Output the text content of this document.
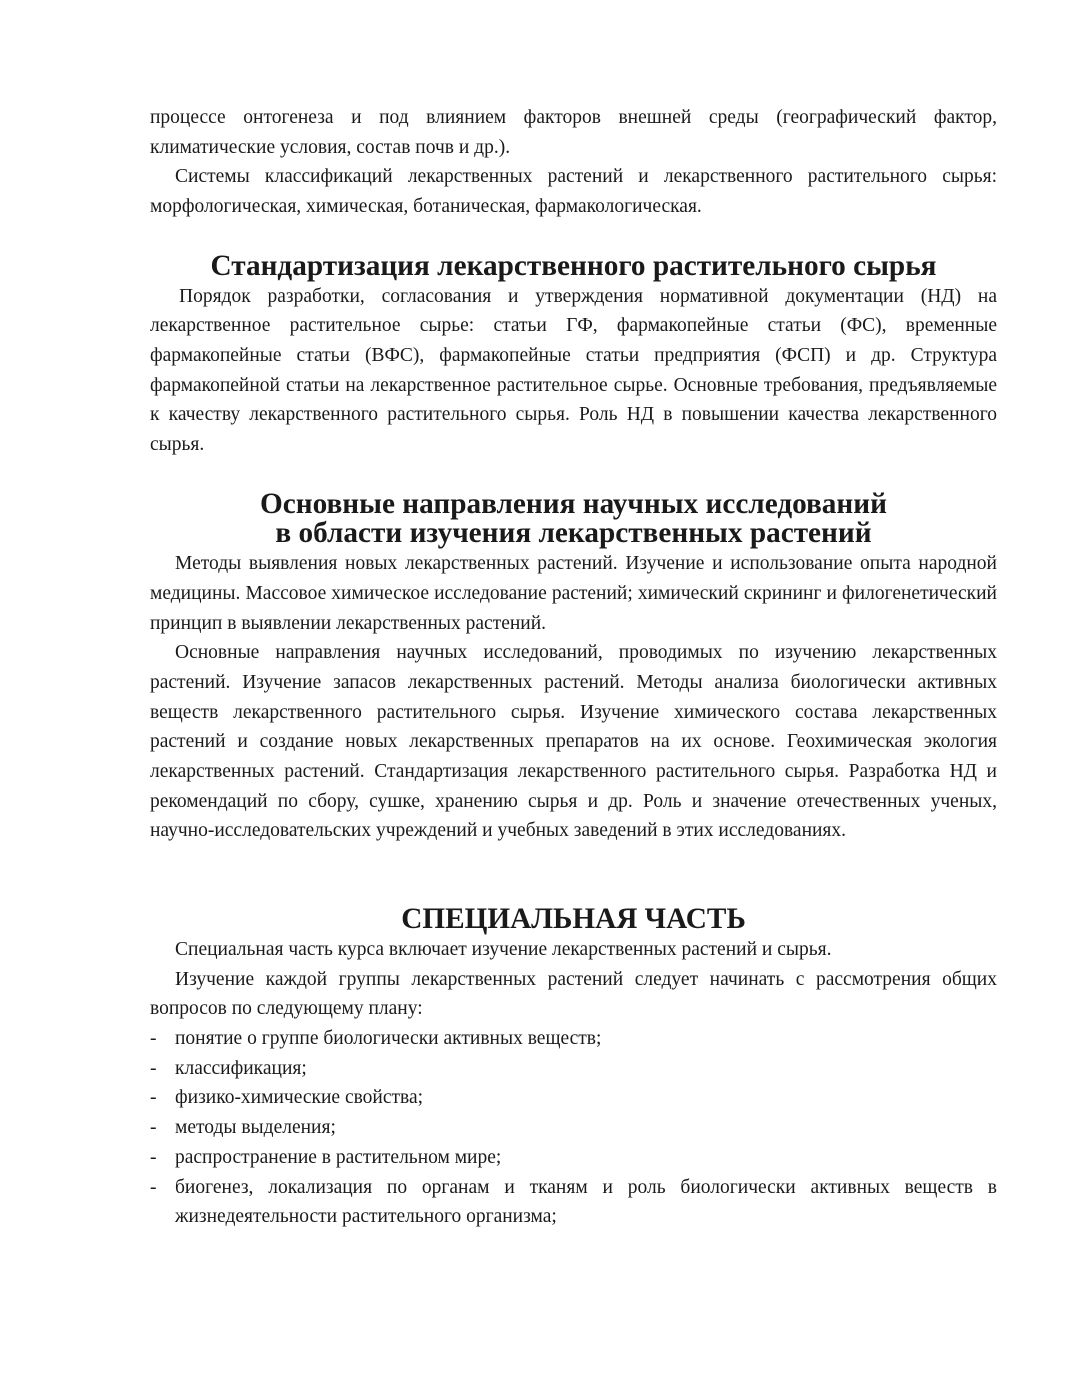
процессе онтогенеза и под влиянием факторов внешней среды (географический фактор, климатические условия, состав почв и др.).

Системы классификаций лекарственных растений и лекарственного растительного сырья: морфологическая, химическая, ботаническая, фармакологическая.

Стандартизация лекарственного растительного сырья

Порядок разработки, согласования и утверждения нормативной документации (НД) на лекарственное растительное сырье: статьи ГФ, фармакопейные статьи (ФС), временные фармакопейные статьи (ВФС), фармакопейные статьи предприятия (ФСП) и др. Структура фармакопейной статьи на лекарственное растительное сырье. Основные требования, предъявляемые к качеству лекарственного растительного сырья. Роль НД в повышении качества лекарственного сырья.

Основные направления научных исследований
в области изучения лекарственных растений

Методы выявления новых лекарственных растений. Изучение и использование опыта народной медицины. Массовое химическое исследование растений; химический скрининг и филогенетический принцип в выявлении лекарственных растений.

Основные направления научных исследований, проводимых по изучению лекарственных растений. Изучение запасов лекарственных растений. Методы анализа биологически активных веществ лекарственного растительного сырья. Изучение химического состава лекарственных растений и создание новых лекарственных препаратов на их основе. Геохимическая экология лекарственных растений. Стандартизация лекарственного растительного сырья. Разработка НД и рекомендаций по сбору, сушке, хранению сырья и др. Роль и значение отечественных ученых, научно-исследовательских учреждений и учебных заведений в этих исследованиях.

СПЕЦИАЛЬНАЯ ЧАСТЬ

Специальная часть курса включает изучение лекарственных растений и сырья.

Изучение каждой группы лекарственных растений следует начинать с рассмотрения общих вопросов по следующему плану:

- понятие о группе биологически активных веществ;
- классификация;
- физико-химические свойства;
- методы выделения;
- распространение в растительном мире;
- биогенез, локализация по органам и тканям и роль биологически активных веществ в жизнедеятельности растительного организма;
